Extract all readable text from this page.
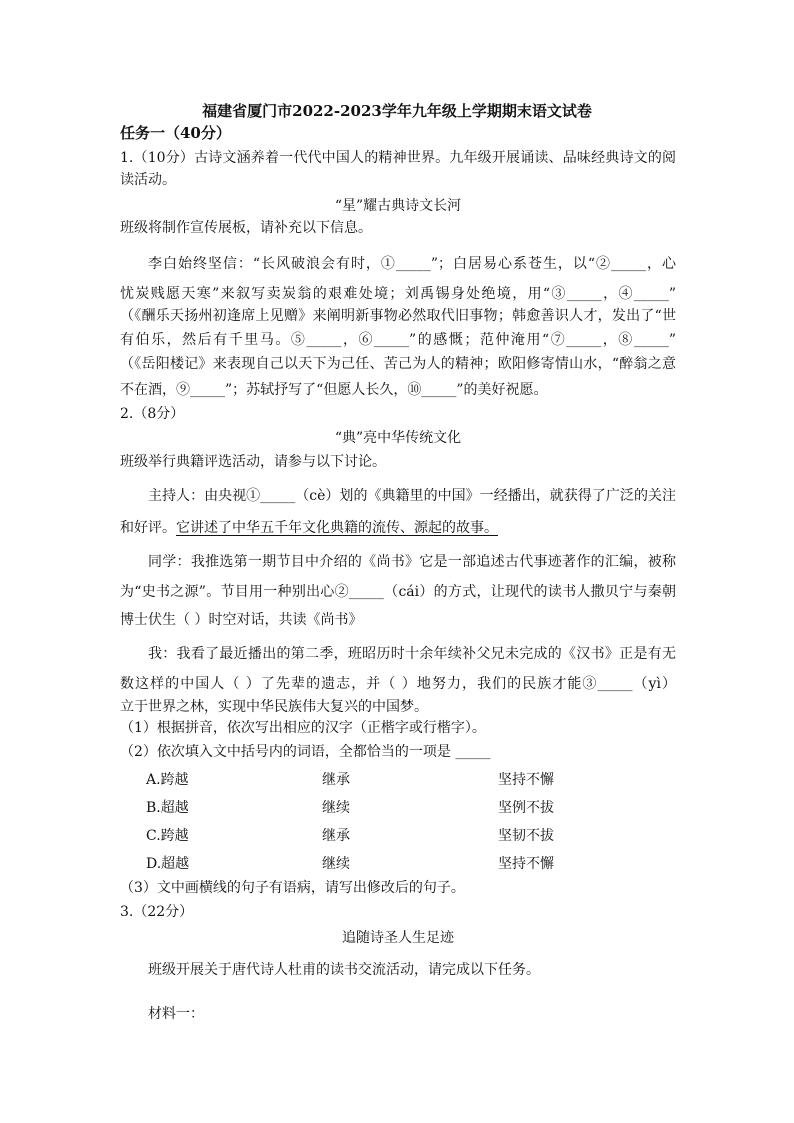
福建省厦门市2022-2023学年九年级上学期期末语文试卷
任务一（40分）
1.（10分）古诗文涵养着一代代中国人的精神世界。九年级开展诵读、品味经典诗文的阅
读活动。
“星”耀古典诗文长河
班级将制作宣传展板，请补充以下信息。
李白始终坚信：“长风破浪会有时，①_____”；白居易心系苍生，以“②_____，心
忧炭贱愿天寒”来叙写卖炭翁的艰难处境；刘禹锡身处绝境，用“③_____，④_____”
（《酬乐天扬州初逢席上见赠》来阐明新事物必然取代旧事物；韩愈善识人才，发出了“世
有伯乐，然后有千里马。⑤_____，⑥_____”的感慨；范仲淹用“⑦_____，⑧_____”
（《岳阳楼记》来表现自己以天下为己任、苦己为人的精神；欧阳修寄情山水，“醉翁之意
不在酒，⑨_____”；苏轼抒写了“但愿人长久，⑩_____”的美好祝愿。
2.（8分）
“典”亮中华传统文化
班级举行典籍评选活动，请参与以下讨论。
主持人：由央视①_____（cè）划的《典籍里的中国》一经播出，就获得了广泛的关注
和好评。它讲述了中华五千年文化典籍的流传、源起的故事。
同学：我推选第一期节目中介绍的《尚书》它是一部追述古代事迹著作的汇编，被称
为“史书之源”。节目用一种别出心②_____（cái）的方式，让现代的读书人撒贝宁与秦朝
博士伏生（ ）时空对话，共读《尚书》
我：我看了最近播出的第二季，班昭历时十余年续补父兄未完成的《汉书》正是有无
数这样的中国人（ ）了先辈的遗志，并（ ）地努力，我们的民族才能③_____（yì）
立于世界之林，实现中华民族伟大复兴的中国梦。
（1）根据拼音，依次写出相应的汉字（正楷字或行楷字）。
（2）依次填入文中括号内的词语，全都恰当的一项是 _____
A.跨越	继承	坚持不懈
B.超越	继续	坚例不拔
C.跨越	继承	坚韧不拔
D.超越	继续	坚持不懈
（3）文中画横线的句子有语病，请写出修改后的句子。
3.（22分）
追随诗圣人生足迹
班级开展关于唐代诗人杜甫的读书交流活动，请完成以下任务。
材料一：
